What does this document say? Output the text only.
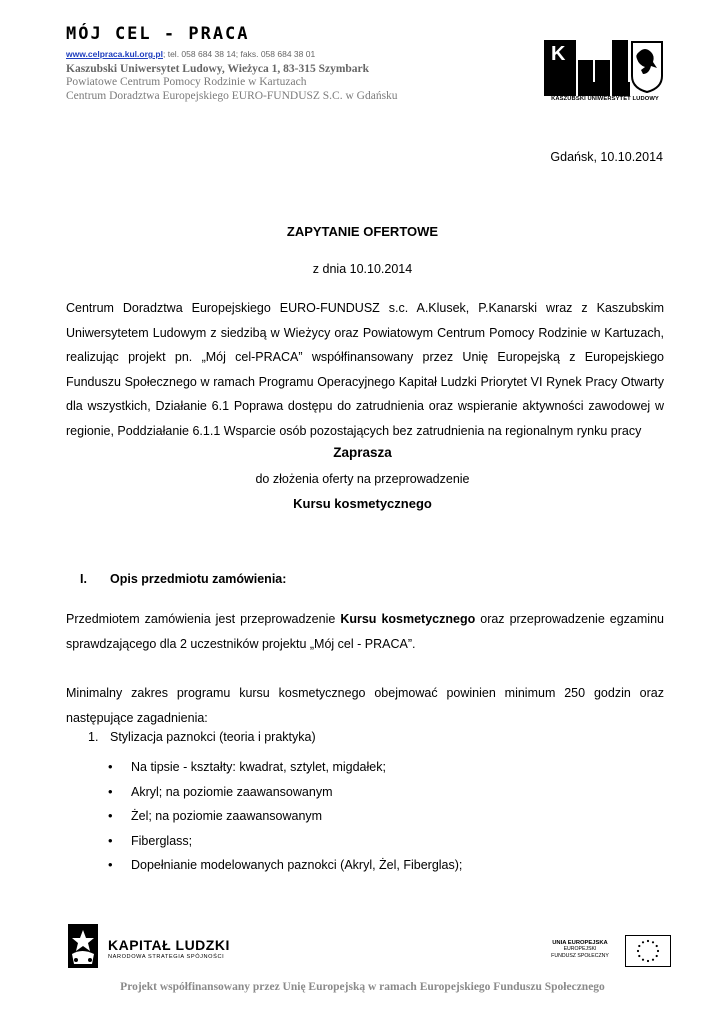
MÓJ CEL - PRACA
www.celpraca.kul.org.pl; tel. 058 684 38 14; faks. 058 684 38 01
Kaszubski Uniwersytet Ludowy, Wieżyca 1, 83-315 Szymbark
Powiatowe Centrum Pomocy Rodzinie w Kartuzach
Centrum Doradztwa Europejskiego EURO-FUNDUSZ S.C. w Gdańsku
K
KASZUBSKI UNIWERSYTET LUDOWY
Gdańsk, 10.10.2014
ZAPYTANIE OFERTOWE
z dnia 10.10.2014

Centrum Doradztwa Europejskiego EURO-FUNDUSZ s.c. A.Klusek, P.Kanarski wraz z Kaszubskim Uniwersytetem Ludowym z siedzibą w Wieżycy oraz Powiatowym Centrum Pomocy Rodzinie w Kartuzach, realizując projekt pn. „Mój cel-PRACA” współfinansowany przez Unię Europejską z Europejskiego Funduszu Społecznego w ramach Programu Operacyjnego Kapitał Ludzki Priorytet VI Rynek Pracy Otwarty dla wszystkich, Działanie 6.1 Poprawa dostępu do zatrudnienia oraz wspieranie aktywności zawodowej w regionie, Poddziałanie 6.1.1 Wsparcie osób pozostających bez zatrudnienia na regionalnym rynku pracy

Zaprasza
do złożenia oferty na przeprowadzenie
Kursu kosmetycznego
I. Opis przedmiotu zamówienia:

Przedmiotem zamówienia jest przeprowadzenie Kursu kosmetycznego oraz przeprowadzenie egzaminu sprawdzającego dla 2 uczestników projektu „Mój cel - PRACA”.

Minimalny zakres programu kursu kosmetycznego obejmować powinien minimum 250 godzin oraz następujące zagadnienia:

1. Stylizacja paznokci (teoria i praktyka)
• Na tipsie - kształty: kwadrat, sztylet, migdałek;
• Akryl; na poziomie zaawansowanym
• Żel; na poziomie zaawansowanym
• Fiberglass;
• Dopełnianie modelowanych paznokci (Akryl, Żel, Fiberglas);
KAPITAŁ LUDZKI
NARODOWA STRATEGIA SPÓJNOŚCI
UNIA EUROPEJSKA
EUROPEJSKI
FUNDUSZ SPOŁECZNY
Projekt współfinansowany przez Unię Europejską w ramach Europejskiego Funduszu Społecznego
